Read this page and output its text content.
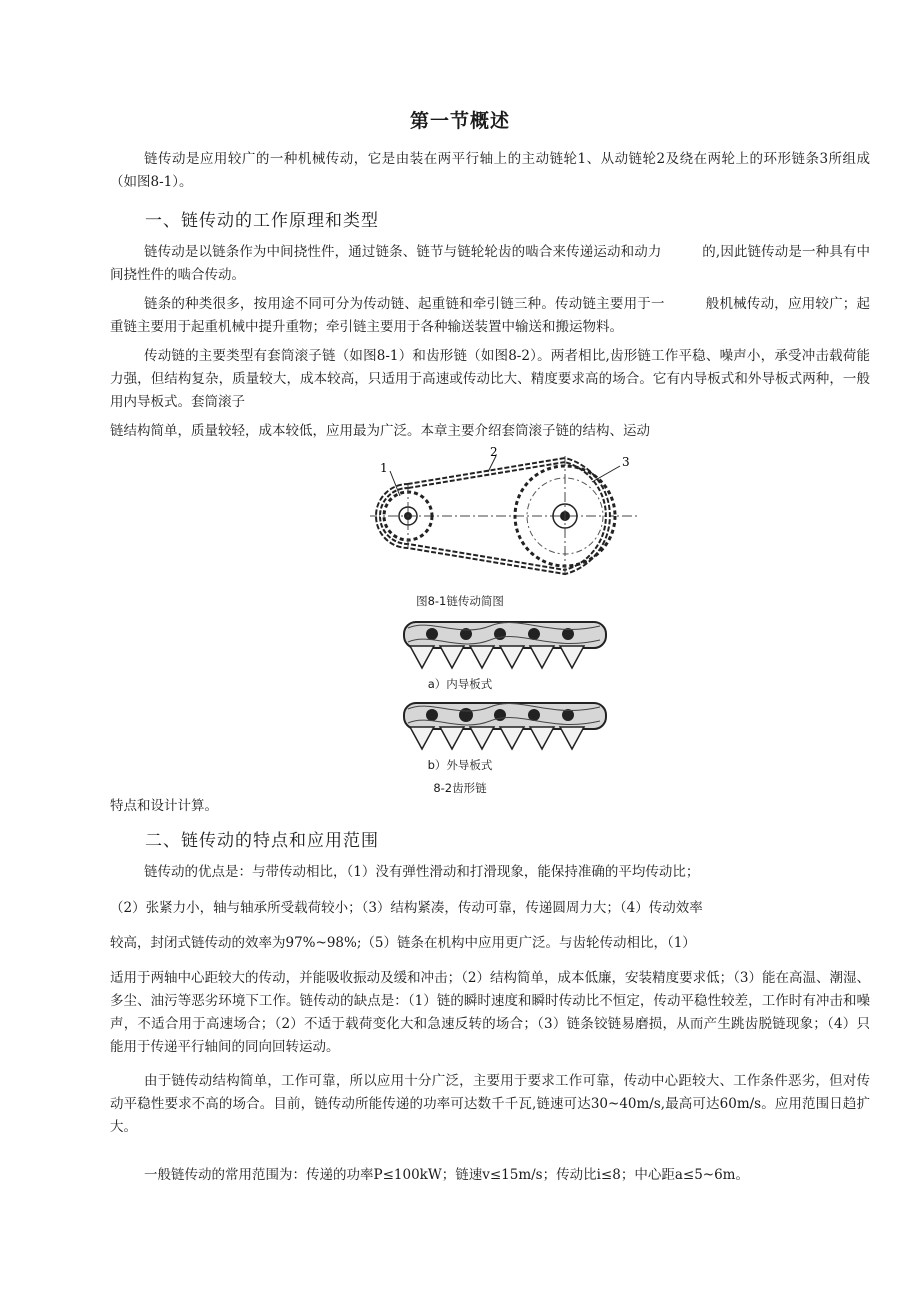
第一节概述
链传动是应用较广的一种机械传动，它是由装在两平行轴上的主动链轮1、从动链轮2及绕在两轮上的环形链条3所组成（如图8-1）。
一、链传动的工作原理和类型
链传动是以链条作为中间挠性件，通过链条、链节与链轮轮齿的啮合来传递运动和动力　　　的,因此链传动是一种具有中间挠性件的啮合传动。
链条的种类很多，按用途不同可分为传动链、起重链和牵引链三种。传动链主要用于一　　　般机械传动，应用较广；起重链主要用于起重机械中提升重物；牵引链主要用于各种输送装置中输送和搬运物料。
传动链的主要类型有套筒滚子链（如图8-1）和齿形链（如图8-2）。两者相比,齿形链工作平稳、噪声小，承受冲击载荷能力强，但结构复杂，质量较大，成本较高，只适用于高速或传动比大、精度要求高的场合。它有内导板式和外导板式两种，一般用内导板式。套筒滚子
链结构简单，质量较轻，成本较低，应用最为广泛。本章主要介绍套筒滚子链的结构、运动
1
2
3
图8-1链传动简图
a）内导板式
b）外导板式
8-2齿形链
特点和设计计算。
二、链传动的特点和应用范围
链传动的优点是：与带传动相比，（1）没有弹性滑动和打滑现象，能保持准确的平均传动比；
（2）张紧力小，轴与轴承所受载荷较小；（3）结构紧凑，传动可靠，传递圆周力大；（4）传动效率
较高，封闭式链传动的效率为97%~98%;（5）链条在机构中应用更广泛。与齿轮传动相比，（1）
适用于两轴中心距较大的传动，并能吸收振动及缓和冲击；（2）结构简单，成本低廉，安装精度要求低；（3）能在高温、潮湿、多尘、油污等恶劣环境下工作。链传动的缺点是：（1）链的瞬时速度和瞬时传动比不恒定，传动平稳性较差，工作时有冲击和噪声，不适合用于高速场合；（2）不适于载荷变化大和急速反转的场合；（3）链条铰链易磨损，从而产生跳齿脱链现象；（4）只能用于传递平行轴间的同向回转运动。
由于链传动结构简单，工作可靠，所以应用十分广泛，主要用于要求工作可靠，传动中心距较大、工作条件恶劣，但对传动平稳性要求不高的场合。目前，链传动所能传递的功率可达数千千瓦,链速可达30~40m/s,最高可达60m/s。应用范围日趋扩大。
一般链传动的常用范围为：传递的功率P≤100kW；链速v≤15m/s；传动比i≤8；中心距a≤5~6m。
